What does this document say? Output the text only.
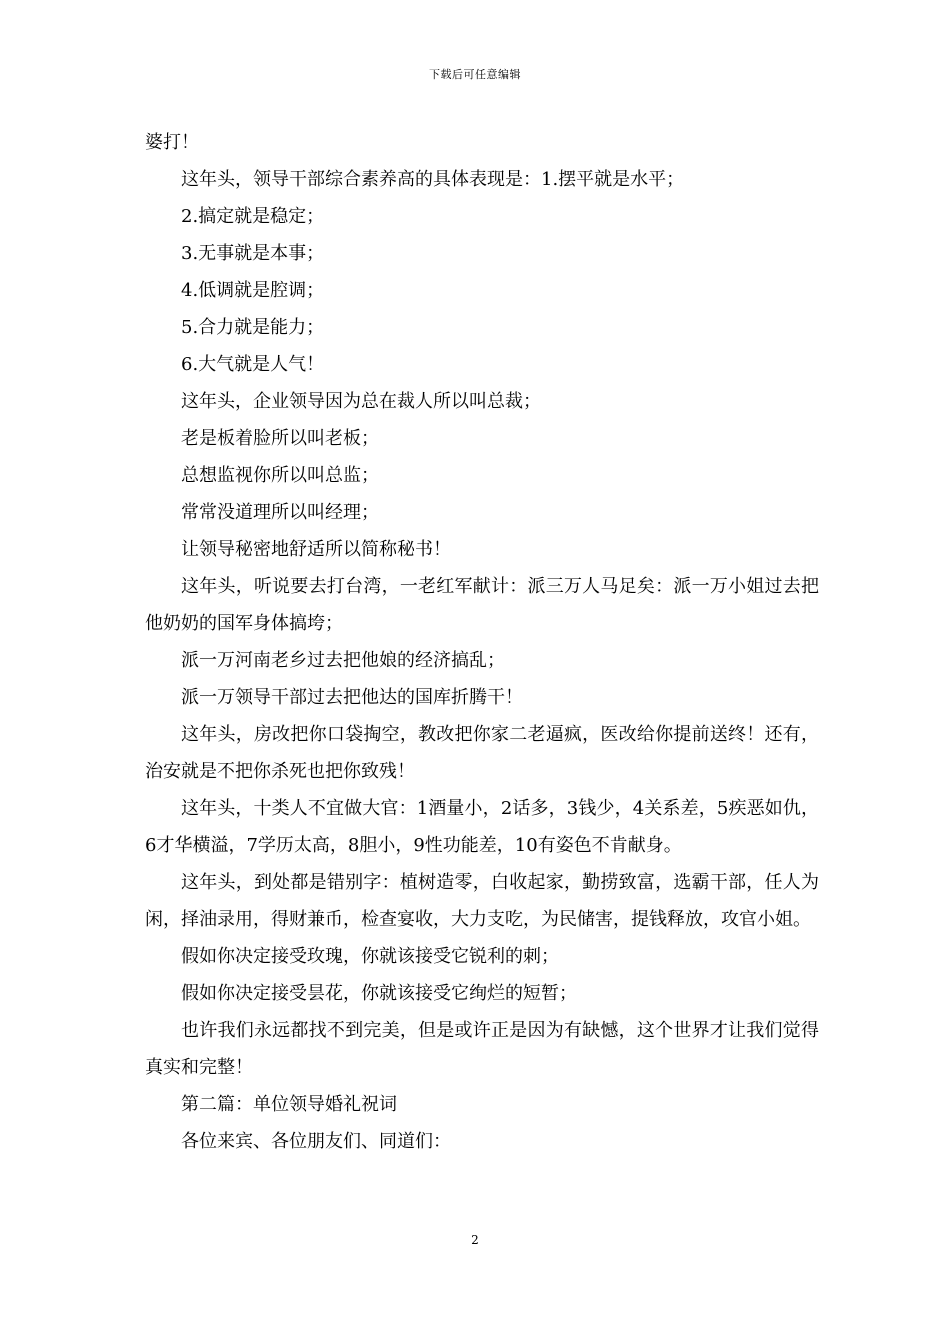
下载后可任意编辑

婆打！

这年头，领导干部综合素养高的具体表现是：1.摆平就是水平；

2.搞定就是稳定；

3.无事就是本事；

4.低调就是腔调；

5.合力就是能力；

6.大气就是人气！

这年头，企业领导因为总在裁人所以叫总裁；

老是板着脸所以叫老板；

总想监视你所以叫总监；

常常没道理所以叫经理；

让领导秘密地舒适所以简称秘书！

这年头，听说要去打台湾，一老红军献计：派三万人马足矣：派一万小姐过去把他奶奶的国军身体搞垮；

派一万河南老乡过去把他娘的经济搞乱；

派一万领导干部过去把他达的国库折腾干！

这年头，房改把你口袋掏空，教改把你家二老逼疯，医改给你提前送终！还有，治安就是不把你杀死也把你致残！

这年头，十类人不宜做大官：1酒量小，2话多，3钱少，4关系差，5疾恶如仇，6才华横溢，7学历太高，8胆小，9性功能差，10有姿色不肯献身。

这年头，到处都是错别字：植树造零，白收起家，勤捞致富，选霸干部，任人为闲，择油录用，得财兼币，检查宴收，大力支吃，为民储害，提钱释放，攻官小姐。

假如你决定接受玫瑰，你就该接受它锐利的刺；

假如你决定接受昙花，你就该接受它绚烂的短暂；

也许我们永远都找不到完美，但是或许正是因为有缺憾，这个世界才让我们觉得真实和完整！

第二篇：单位领导婚礼祝词

各位来宾、各位朋友们、同道们：

2
